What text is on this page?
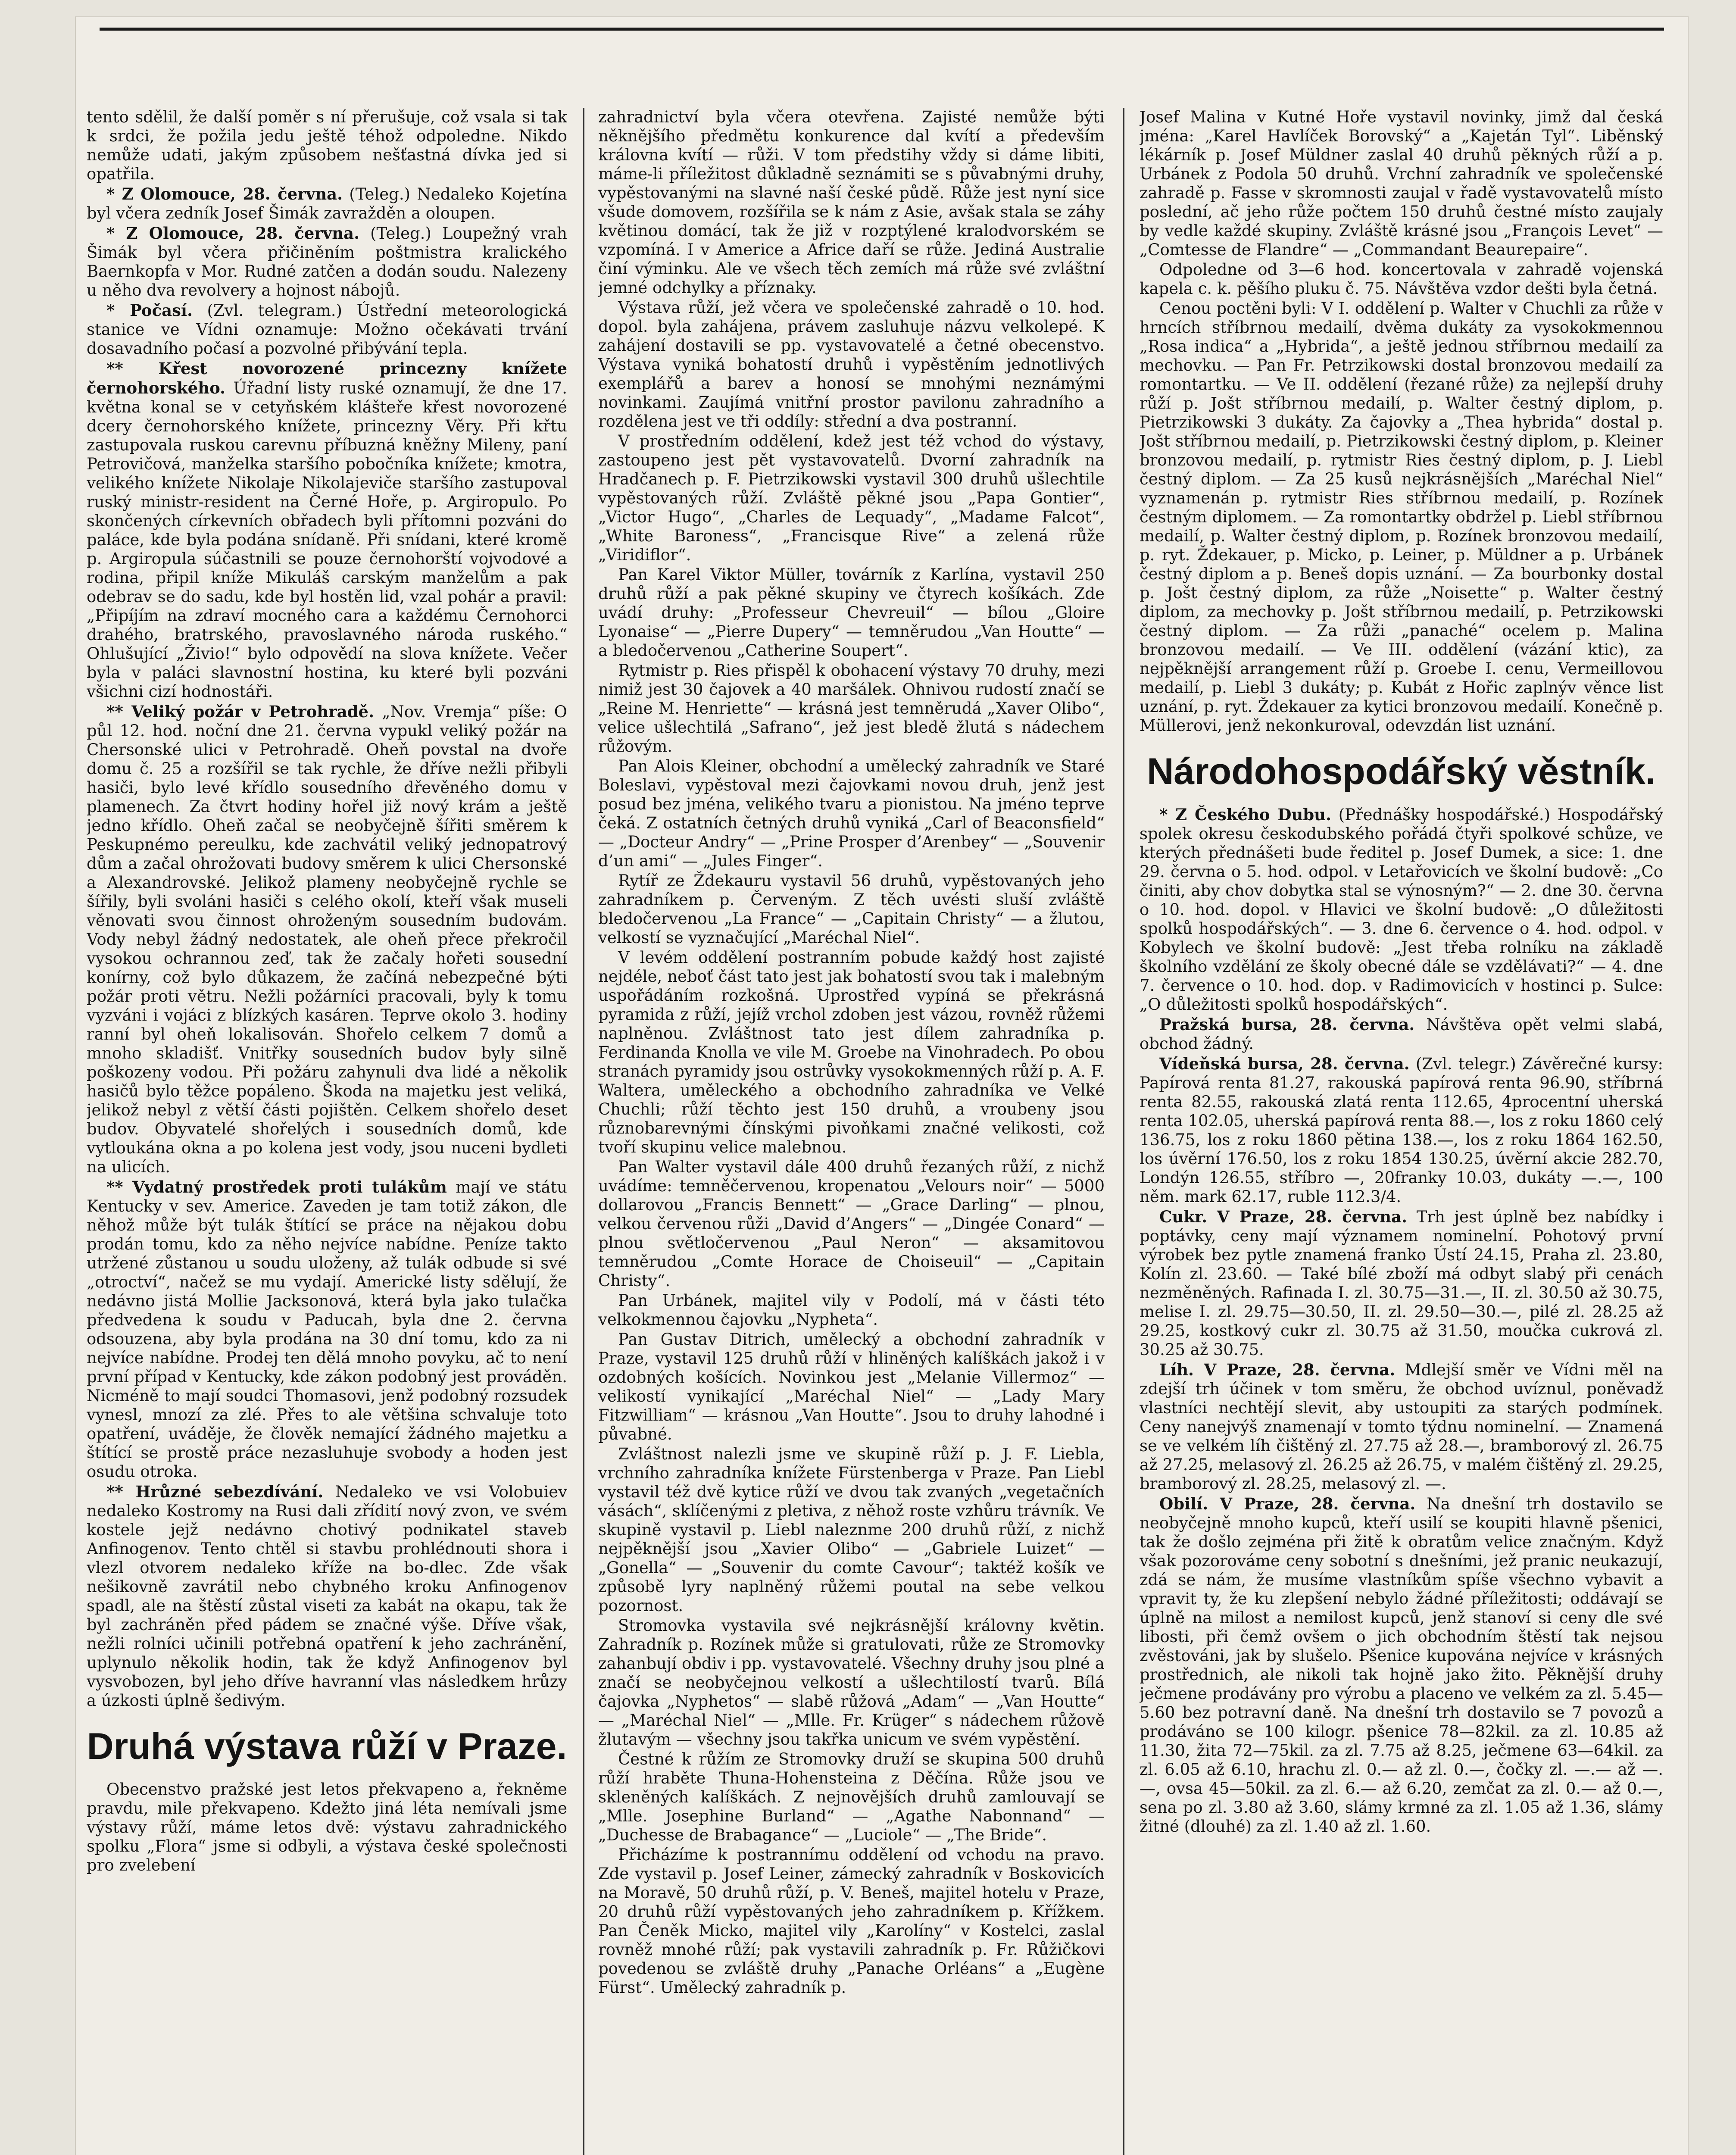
tento sdělil, že další poměr s ní přerušuje, což vsala si tak k srdci, že požila jedu ještě téhož odpoledne. Nikdo nemůže udati, jakým způsobem nešťastná dívka jed si opatřila.

* Z Olomouce, 28. června. (Teleg.) Nedaleko Kojetína byl včera zedník Josef Šimák zavražděn a oloupen.

* Z Olomouce, 28. června. (Teleg.) Loupežný vrah Šimák byl včera přičiněním poštmistra kralického Baernkopfa v Mor. Rudné zatčen a dodán soudu. Nalezeny u něho dva revolvery a hojnost nábojů.

* Počasí. (Zvl. telegram.) Ústřední meteorologická stanice ve Vídni oznamuje: Možno očekávati trvání dosavadního počasí a pozvolné přibývání tepla.

** Křest novorozené princezny knížete černohorského. Úřadní listy ruské oznamují, že dne 17. května konal se v cetyňském klášteře křest novorozené dcery černohorského knížete, princezny Věry. Při křtu zastupovala ruskou carevnu příbuzná kněžny Mileny, paní Petrovičová, manželka staršího pobočníka knížete; kmotra, velikého knížete Nikolaje Nikolajeviče staršího zastupoval ruský ministr-resident na Černé Hoře, p. Argiropulo. Po skončených církevních obřadech byli přítomni pozváni do paláce, kde byla podána snídaně. Při snídani, které kromě p. Argiropula súčastnili se pouze černohorští vojvodové a rodina, připil kníže Mikuláš carským manželům a pak odebrav se do sadu, kde byl hostěn lid, vzal pohár a pravil: „Připíjím na zdraví mocného cara a každému Černohorci drahého, bratrského, pravoslavného národa ruského.“ Ohlušující „Živio!“ bylo odpovědí na slova knížete. Večer byla v paláci slavnostní hostina, ku které byli pozváni všichni cizí hodnostáři.

** Veliký požár v Petrohradě. „Nov. Vremja“ píše: O půl 12. hod. noční dne 21. června vypukl veliký požár na Chersonské ulici v Petrohradě. Oheň povstal na dvoře domu č. 25 a rozšířil se tak rychle, že dříve nežli přibyli hasiči, bylo levé křídlo sousedního dřevěného domu v plamenech. Za čtvrt hodiny hořel již nový krám a ještě jedno křídlo. Oheň začal se neobyčejně šířiti směrem k Peskupnémo pereulku, kde zachvátil veliký jednopatrový dům a začal ohrožovati budovy směrem k ulici Chersonské a Alexandrovské. Jelikož plameny neobyčejně rychle se šířily, byli svoláni hasiči s celého okolí, kteří však museli věnovati svou činnost ohroženým sousedním budovám. Vody nebyl žádný nedostatek, ale oheň přece překročil vysokou ochrannou zeď, tak že začaly hořeti sousední konírny, což bylo důkazem, že začíná nebezpečné býti požár proti větru. Nežli požárníci pracovali, byly k tomu vyzváni i vojáci z blízkých kasáren. Teprve okolo 3. hodiny ranní byl oheň lokalisován. Shořelo celkem 7 domů a mnoho skladišť. Vnitřky sousedních budov byly silně poškozeny vodou. Při požáru zahynuli dva lidé a několik hasičů bylo těžce popáleno. Škoda na majetku jest veliká, jelikož nebyl z větší části pojištěn. Celkem shořelo deset budov. Obyvatelé shořelých i sousedních domů, kde vytloukána okna a po kolena jest vody, jsou nuceni bydleti na ulicích.

** Vydatný prostředek proti tulákům mají ve státu Kentucky v sev. Americe. Zaveden je tam totiž zákon, dle něhož může být tulák štítící se práce na nějakou dobu prodán tomu, kdo za něho nejvíce nabídne. Peníze takto utržené zůstanou u soudu uloženy, až tulák odbude si své „otroctví“, načež se mu vydají. Americké listy sdělují, že nedávno jistá Mollie Jacksonová, která byla jako tulačka předvedena k soudu v Paducah, byla dne 2. června odsouzena, aby byla prodána na 30 dní tomu, kdo za ni nejvíce nabídne. Prodej ten dělá mnoho povyku, ač to není první případ v Kentucky, kde zákon podobný jest prováděn. Nicméně to mají soudci Thomasovi, jenž podobný rozsudek vynesl, mnozí za zlé. Přes to ale většina schvaluje toto opatření, uváděje, že člověk nemající žádného majetku a štítící se prostě práce nezasluhuje svobody a hoden jest osudu otroka.

** Hrůzné sebezdívání. Nedaleko ve vsi Volobuiev nedaleko Kostromy na Rusi dali zřídití nový zvon, ve svém kostele jejž nedávno chotivý podnikatel staveb Anfinogenov. Tento chtěl si stavbu prohlédnouti shora i vlezl otvorem nedaleko kříže na bo-dlec. Zde však nešikovně zavrátil nebo chybného kroku Anfinogenov spadl, ale na štěstí zůstal viseti za kabát na okapu, tak že byl zachráněn před pádem se značné výše. Dříve však, nežli rolníci učinili potřebná opatření k jeho zachránění, uplynulo několik hodin, tak že když Anfinogenov byl vysvobozen, byl jeho dříve havranní vlas následkem hrůzy a úzkosti úplně šedivým.

Druhá výstava růží v Praze.

Obecenstvo pražské jest letos překvapeno a, řekněme pravdu, mile překvapeno. Kdežto jiná léta nemívali jsme výstavy růží, máme letos dvě: výstavu zahradnického spolku „Flora“ jsme si odbyli, a výstava české společnosti pro zvelebení

zahradnictví byla včera otevřena. Zajisté nemůže býti něknějšího předmětu konkurence dal kvítí a především královna kvítí — růži. V tom předstihy vždy si dáme libiti, máme-li příležitost důkladně seznámiti se s půvabnými druhy, vypěstovanými na slavné naší české půdě. Růže jest nyní sice všude domovem, rozšířila se k nám z Asie, avšak stala se záhy květinou domácí, tak že již v rozptýlené kralodvorském se vzpomíná. I v Americe a Africe daří se růže. Jediná Australie činí výminku. Ale ve všech těch zemích má růže své zvláštní jemné odchylky a příznaky.

Výstava růží, jež včera ve společenské zahradě o 10. hod. dopol. byla zahájena, právem zasluhuje názvu velkolepé. K zahájení dostavili se pp. vystavovatelé a četné obecenstvo. Výstava vyniká bohatostí druhů i vypěstěním jednotlivých exemplářů a barev a honosí se mnohými neznámými novinkami. Zaujímá vnitřní prostor pavilonu zahradního a rozdělena jest ve tři oddíly: střední a dva postranní.

V prostředním oddělení, kdež jest též vchod do výstavy, zastoupeno jest pět vystavovatelů. Dvorní zahradník na Hradčanech p. F. Pietrzikowski vystavil 300 druhů ušlechtile vypěstovaných růží. Zvláště pěkné jsou „Papa Gontier“, „Victor Hugo“, „Charles de Lequady“, „Madame Falcot“, „White Baroness“, „Francisque Rive“ a zelená růže „Viridiflor“.

Pan Karel Viktor Müller, továrník z Karlína, vystavil 250 druhů růží a pak pěkné skupiny ve čtyrech košíkách. Zde uvádí druhy: „Professeur Chevreuil“ — bílou „Gloire Lyonaise“ — „Pierre Dupery“ — temněrudou „Van Houtte“ — a bledočervenou „Catherine Soupert“.

Rytmistr p. Ries přispěl k obohacení výstavy 70 druhy, mezi nimiž jest 30 čajovek a 40 maršálek. Ohnivou rudostí značí se „Reine M. Henriette“ — krásná jest temněrudá „Xaver Olibo“, velice ušlechtilá „Safrano“, jež jest bledě žlutá s nádechem růžovým.

Pan Alois Kleiner, obchodní a umělecký zahradník ve Staré Boleslavi, vypěstoval mezi čajovkami novou druh, jenž jest posud bez jména, velikého tvaru a pionistou. Na jméno teprve čeká. Z ostatních četných druhů vyniká „Carl of Beaconsfield“ — „Docteur Andry“ — „Prine Prosper d’Arenbey“ — „Souvenir d’un ami“ — „Jules Finger“.

Rytíř ze Ždekauru vystavil 56 druhů, vypěstovaných jeho zahradníkem p. Červeným. Z těch uvésti sluší zvláště bledočervenou „La France“ — „Capitain Christy“ — a žlutou, velkostí se vyznačující „Maréchal Niel“.

V levém oddělení postranním pobude každý host zajisté nejdéle, neboť část tato jest jak bohatostí svou tak i malebným uspořádáním rozkošná. Uprostřed vypíná se překrásná pyramida z růží, jejíž vrchol zdoben jest vázou, rovněž růžemi naplněnou. Zvláštnost tato jest dílem zahradníka p. Ferdinanda Knolla ve vile M. Groebe na Vinohradech. Po obou stranách pyramidy jsou ostrůvky vysokokmenných růží p. A. F. Waltera, uměleckého a obchodního zahradníka ve Velké Chuchli; růží těchto jest 150 druhů, a vroubeny jsou různobarevnými čínskými pivoňkami značné velikosti, což tvoří skupinu velice malebnou.

Pan Walter vystavil dále 400 druhů řezaných růží, z nichž uvádíme: temněčervenou, kropenatou „Velours noir“ — 5000 dollarovou „Francis Bennett“ — „Grace Darling“ — plnou, velkou červenou růži „David d’Angers“ — „Dingée Conard“ — plnou světločervenou „Paul Neron“ — aksamitovou temněrudou „Comte Horace de Choiseuil“ — „Capitain Christy“.

Pan Urbánek, majitel vily v Podolí, má v části této velkokmennou čajovku „Nypheta“.

Pan Gustav Ditrich, umělecký a obchodní zahradník v Praze, vystavil 125 druhů růží v hliněných kalíškách jakož i v ozdobných košících. Novinkou jest „Melanie Villermoz“ — velikostí vynikající „Maréchal Niel“ — „Lady Mary Fitzwilliam“ — krásnou „Van Houtte“. Jsou to druhy lahodné i půvabné.

Zvláštnost nalezli jsme ve skupině růží p. J. F. Liebla, vrchního zahradníka knížete Fürstenberga v Praze. Pan Liebl vystavil též dvě kytice růží ve dvou tak zvaných „vegetačních vásách“, sklíčenými z pletiva, z něhož roste vzhůru trávník. Ve skupině vystavil p. Liebl naleznme 200 druhů růží, z nichž nejpěknější jsou „Xavier Olibo“ — „Gabriele Luizet“ — „Gonella“ — „Souvenir du comte Cavour“; taktéž košík ve způsobě lyry naplněný růžemi poutal na sebe velkou pozornost.

Stromovka vystavila své nejkrásnější královny květin. Zahradník p. Rozínek může si gratulovati, růže ze Stromovky zahanbují obdiv i pp. vystavovatelé. Všechny druhy jsou plné a značí se neobyčejnou velkostí a ušlechtilostí tvarů. Bílá čajovka „Nyphetos“ — slabě růžová „Adam“ — „Van Houtte“ — „Maréchal Niel“ — „Mlle. Fr. Krüger“ s nádechem růžově žlutavým — všechny jsou takřka unicum ve svém vypěstění.

Čestné k růžím ze Stromovky druží se skupina 500 druhů růží hraběte Thuna-Hohensteina z Děčína. Růže jsou ve skleněných kalíškách. Z nejnovějších druhů zamlouvají se „Mlle. Josephine Burland“ — „Agathe Nabonnand“ — „Duchesse de Brabagance“ — „Luciole“ — „The Bride“.

Přicházíme k postrannímu oddělení od vchodu na pravo. Zde vystavil p. Josef Leiner, zámecký zahradník v Boskovicích na Moravě, 50 druhů růží, p. V. Beneš, majitel hotelu v Praze, 20 druhů růží vypěstovaných jeho zahradníkem p. Křížkem. Pan Čeněk Micko, majitel vily „Karolíny“ v Kostelci, zaslal rovněž mnohé růží; pak vystavili zahradník p. Fr. Růžičkovi povedenou se zvláště druhy „Panache Orléans“ a „Eugène Fürst“. Umělecký zahradník p.

Josef Malina v Kutné Hoře vystavil novinky, jimž dal česká jména: „Karel Havlíček Borovský“ a „Kajetán Tyl“. Liběnský lékárník p. Josef Müldner zaslal 40 druhů pěkných růží a p. Urbánek z Podola 50 druhů. Vrchní zahradník ve společenské zahradě p. Fasse v skromnosti zaujal v řadě vystavovatelů místo poslední, ač jeho růže počtem 150 druhů čestné místo zaujaly by vedle každé skupiny. Zvláště krásné jsou „François Levet“ — „Comtesse de Flandre“ — „Commandant Beaurepaire“.

Odpoledne od 3—6 hod. koncertovala v zahradě vojenská kapela c. k. pěšího pluku č. 75. Návštěva vzdor dešti byla četná.

Cenou poctěni byli: V I. oddělení p. Walter v Chuchli za růže v hrncích stříbrnou medailí, dvěma dukáty za vysokokmennou „Rosa indica“ a „Hybrida“, a ještě jednou stříbrnou medailí za mechovku. — Pan Fr. Petrzikowski dostal bronzovou medailí za romontartku. — Ve II. oddělení (řezané růže) za nejlepší druhy růží p. Jošt stříbrnou medailí, p. Walter čestný diplom, p. Pietrzikowski 3 dukáty. Za čajovky a „Thea hybrida“ dostal p. Jošt stříbrnou medailí, p. Pietrzikowski čestný diplom, p. Kleiner bronzovou medailí, p. rytmistr Ries čestný diplom, p. J. Liebl čestný diplom. — Za 25 kusů nejkrásnějších „Maréchal Niel“ vyznamenán p. rytmistr Ries stříbrnou medailí, p. Rozínek čestným diplomem. — Za romontartky obdržel p. Liebl stříbrnou medailí, p. Walter čestný diplom, p. Rozínek bronzovou medailí, p. ryt. Ždekauer, p. Micko, p. Leiner, p. Müldner a p. Urbánek čestný diplom a p. Beneš dopis uznání. — Za bourbonky dostal p. Jošt čestný diplom, za růže „Noisette“ p. Walter čestný diplom, za mechovky p. Jošt stříbrnou medailí, p. Petrzikowski čestný diplom. — Za růži „panaché“ ocelem p. Malina bronzovou medailí. — Ve III. oddělení (vázání ktic), za nejpěknější arrangement růží p. Groebe I. cenu, Vermeillovou medailí, p. Liebl 3 dukáty; p. Kubát z Hořic zaplnýv věnce list uznání, p. ryt. Ždekauer za kytici bronzovou medailí. Konečně p. Müllerovi, jenž nekonkuroval, odevzdán list uznání.

Národohospodářský věstník.

* Z Českého Dubu. (Přednášky hospodářské.) Hospodářský spolek okresu českodubského pořádá čtyři spolkové schůze, ve kterých přednášeti bude ředitel p. Josef Dumek, a sice: 1. dne 29. června o 5. hod. odpol. v Letařovicích ve školní budově: „Co činiti, aby chov dobytka stal se výnosným?“ — 2. dne 30. června o 10. hod. dopol. v Hlavici ve školní budově: „O důležitosti spolků hospodářských“. — 3. dne 6. července o 4. hod. odpol. v Kobylech ve školní budově: „Jest třeba rolníku na základě školního vzdělání ze školy obecné dále se vzdělávati?“ — 4. dne 7. července o 10. hod. dop. v Radimovicích v hostinci p. Sulce: „O důležitosti spolků hospodářských“.

Pražská bursa, 28. června. Návštěva opět velmi slabá, obchod žádný.

Vídeňská bursa, 28. června. (Zvl. telegr.) Závěrečné kursy: Papírová renta 81.27, rakouská papírová renta 96.90, stříbrná renta 82.55, rakouská zlatá renta 112.65, 4procentní uherská renta 102.05, uherská papírová renta 88.—, los z roku 1860 celý 136.75, los z roku 1860 pětina 138.—, los z roku 1864 162.50, los úvěrní 176.50, los z roku 1854 130.25, úvěrní akcie 282.70, Londýn 126.55, stříbro —, 20franky 10.03, dukáty —.—, 100 něm. mark 62.17, ruble 112.3/4.

Cukr. V Praze, 28. června. Trh jest úplně bez nabídky i poptávky, ceny mají významem nominelní. Pohotový první výrobek bez pytle znamená franko Ústí 24.15, Praha zl. 23.80, Kolín zl. 23.60. — Také bílé zboží má odbyt slabý při cenách nezměněných. Rafinada I. zl. 30.75—31.—, II. zl. 30.50 až 30.75, melise I. zl. 29.75—30.50, II. zl. 29.50—30.—, pilé zl. 28.25 až 29.25, kostkový cukr zl. 30.75 až 31.50, moučka cukrová zl. 30.25 až 30.75.

Líh. V Praze, 28. června. Mdlejší směr ve Vídni měl na zdejší trh účinek v tom směru, že obchod uvíznul, poněvadž vlastníci nechtějí slevit, aby ustoupiti za starých podmínek. Ceny nanejvýš znamenají v tomto týdnu nominelní. — Znamená se ve velkém líh čištěný zl. 27.75 až 28.—, bramborový zl. 26.75 až 27.25, melasový zl. 26.25 až 26.75, v malém čištěný zl. 29.25, bramborový zl. 28.25, melasový zl. —.

Obilí. V Praze, 28. června. Na dnešní trh dostavilo se neobyčejně mnoho kupců, kteří usilí se koupiti hlavně pšenici, tak že došlo zejména při žitě k obratům velice značným. Když však pozorováme ceny sobotní s dnešními, jež pranic neukazují, zdá se nám, že musíme vlastníkům spíše všechno vybavit a vpravit ty, že ku zlepšení nebylo žádné příležitosti; oddávají se úplně na milost a nemilost kupců, jenž stanoví si ceny dle své libosti, při čemž ovšem o jich obchodním štěstí tak nejsou zvěstováni, jak by slušelo. Pšenice kupována nejvíce v krásných prostřednich, ale nikoli tak hojně jako žito. Pěknější druhy ječmene prodávány pro výrobu a placeno ve velkém za zl. 5.45—5.60 bez potravní daně. Na dnešní trh dostavilo se 7 povozů a prodáváno se 100 kilogr. pšenice 78—82kil. za zl. 10.85 až 11.30, žita 72—75kil. za zl. 7.75 až 8.25, ječmene 63—64kil. za zl. 6.05 až 6.10, hrachu zl. 0.— až zl. 0.—, čočky zl. —.— až —.—, ovsa 45—50kil. za zl. 6.— až 6.20, zemčat za zl. 0.— až 0.—, sena po zl. 3.80 až 3.60, slámy krmné za zl. 1.05 až 1.36, slámy žitné (dlouhé) za zl. 1.40 až zl. 1.60.
